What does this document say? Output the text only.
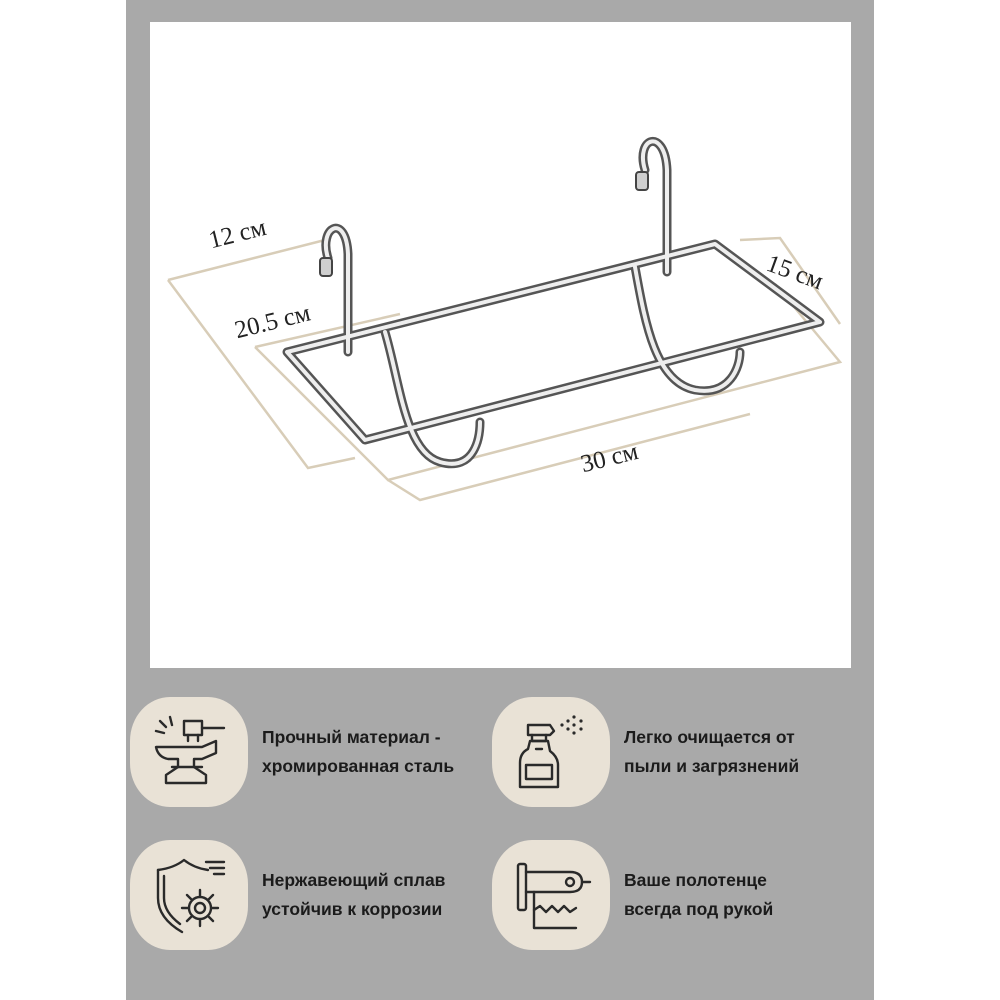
12 см
20.5 см
15 см
30 см
Прочный материал -
хромированная сталь
Легко очищается от
пыли и загрязнений
Нержавеющий сплав
устойчив к коррозии
Ваше полотенце
всегда под рукой
